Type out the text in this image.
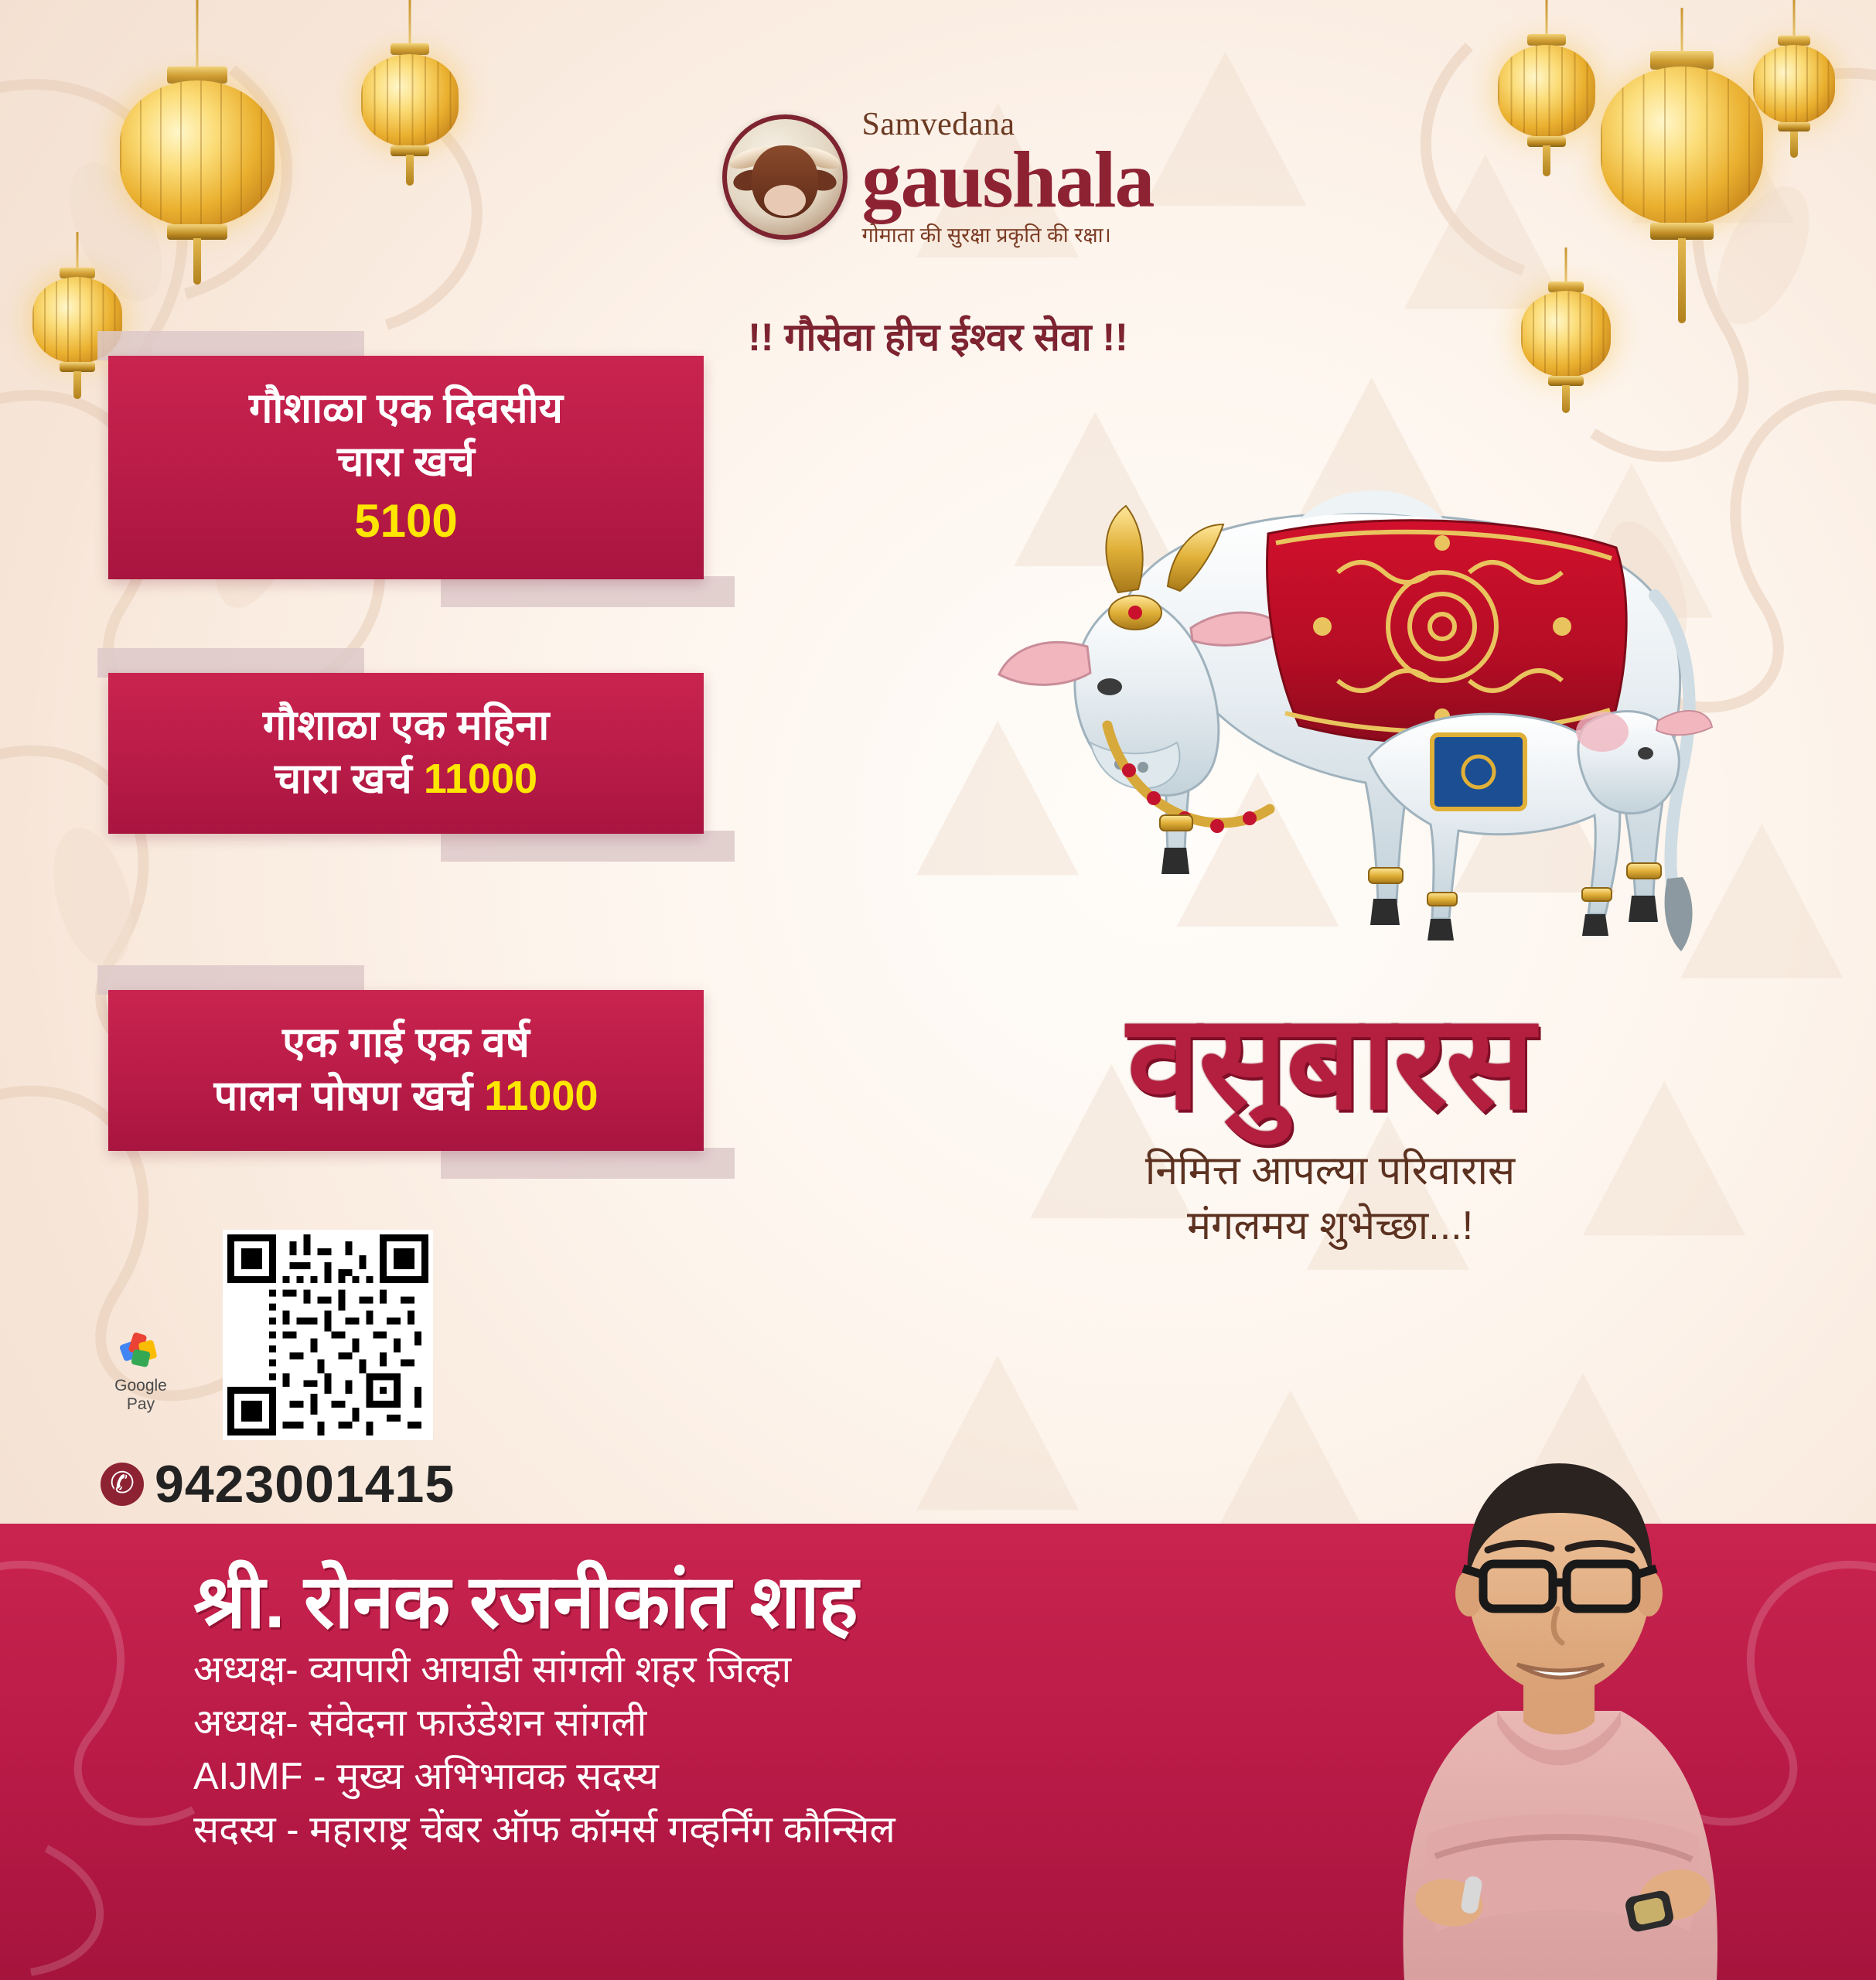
Samvedana
gaushala
गोमाता की सुरक्षा प्रकृति की रक्षा।
!! गौसेवा हीच ईश्वर सेवा !!
गौशाळा एक दिवसीय
चारा खर्च
5100
गौशाळा एक महिना
चारा खर्च 11000
एक गाई एक वर्ष
पालन पोषण खर्च 11000	वसुबारस
निमित्त आपल्या परिवारास
मंगलमय शुभेच्छा...!
Google Pay
✆
9423001415
श्री. रोनक रजनीकांत शाह
अध्यक्ष- व्यापारी आघाडी सांगली शहर जिल्हा
अध्यक्ष- संवेदना फाउंडेशन सांगली
AIJMF - मुख्य अभिभावक सदस्य
सदस्य - महाराष्ट्र चेंबर ऑफ कॉमर्स गव्हर्निंग कौन्सिल
